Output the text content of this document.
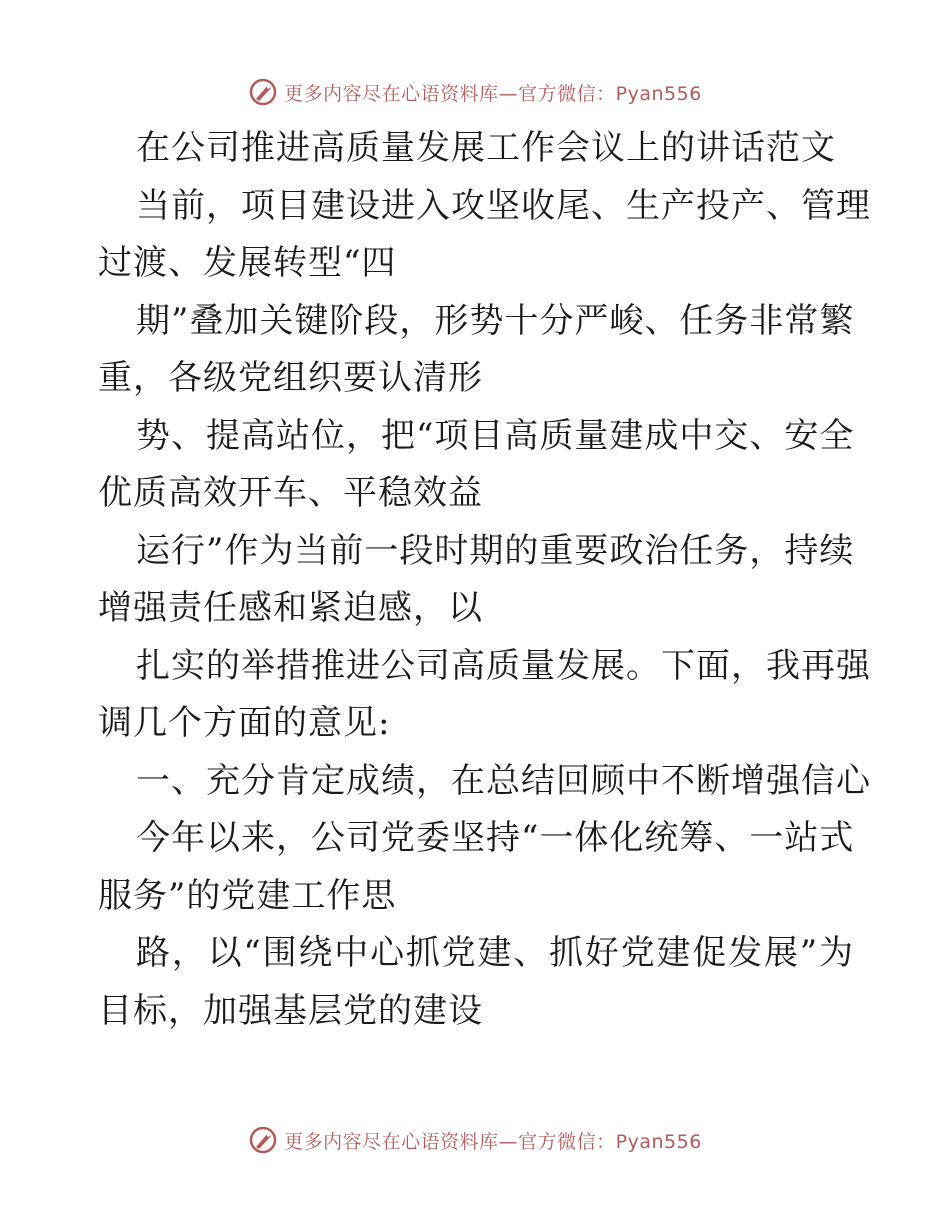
更多内容尽在心语资料库—官方微信：Pyan556
在公司推进高质量发展工作会议上的讲话范文
当前，项目建设进入攻坚收尾、生产投产、管理
过渡、发展转型“四
期”叠加关键阶段，形势十分严峻、任务非常繁
重，各级党组织要认清形
势、提高站位，把“项目高质量建成中交、安全
优质高效开车、平稳效益
运行”作为当前一段时期的重要政治任务，持续
增强责任感和紧迫感，以
扎实的举措推进公司高质量发展。下面，我再强
调几个方面的意见:
一、充分肯定成绩，在总结回顾中不断增强信心
今年以来，公司党委坚持“一体化统筹、一站式
服务”的党建工作思
路，以“围绕中心抓党建、抓好党建促发展”为
目标，加强基层党的建设
更多内容尽在心语资料库—官方微信：Pyan556
